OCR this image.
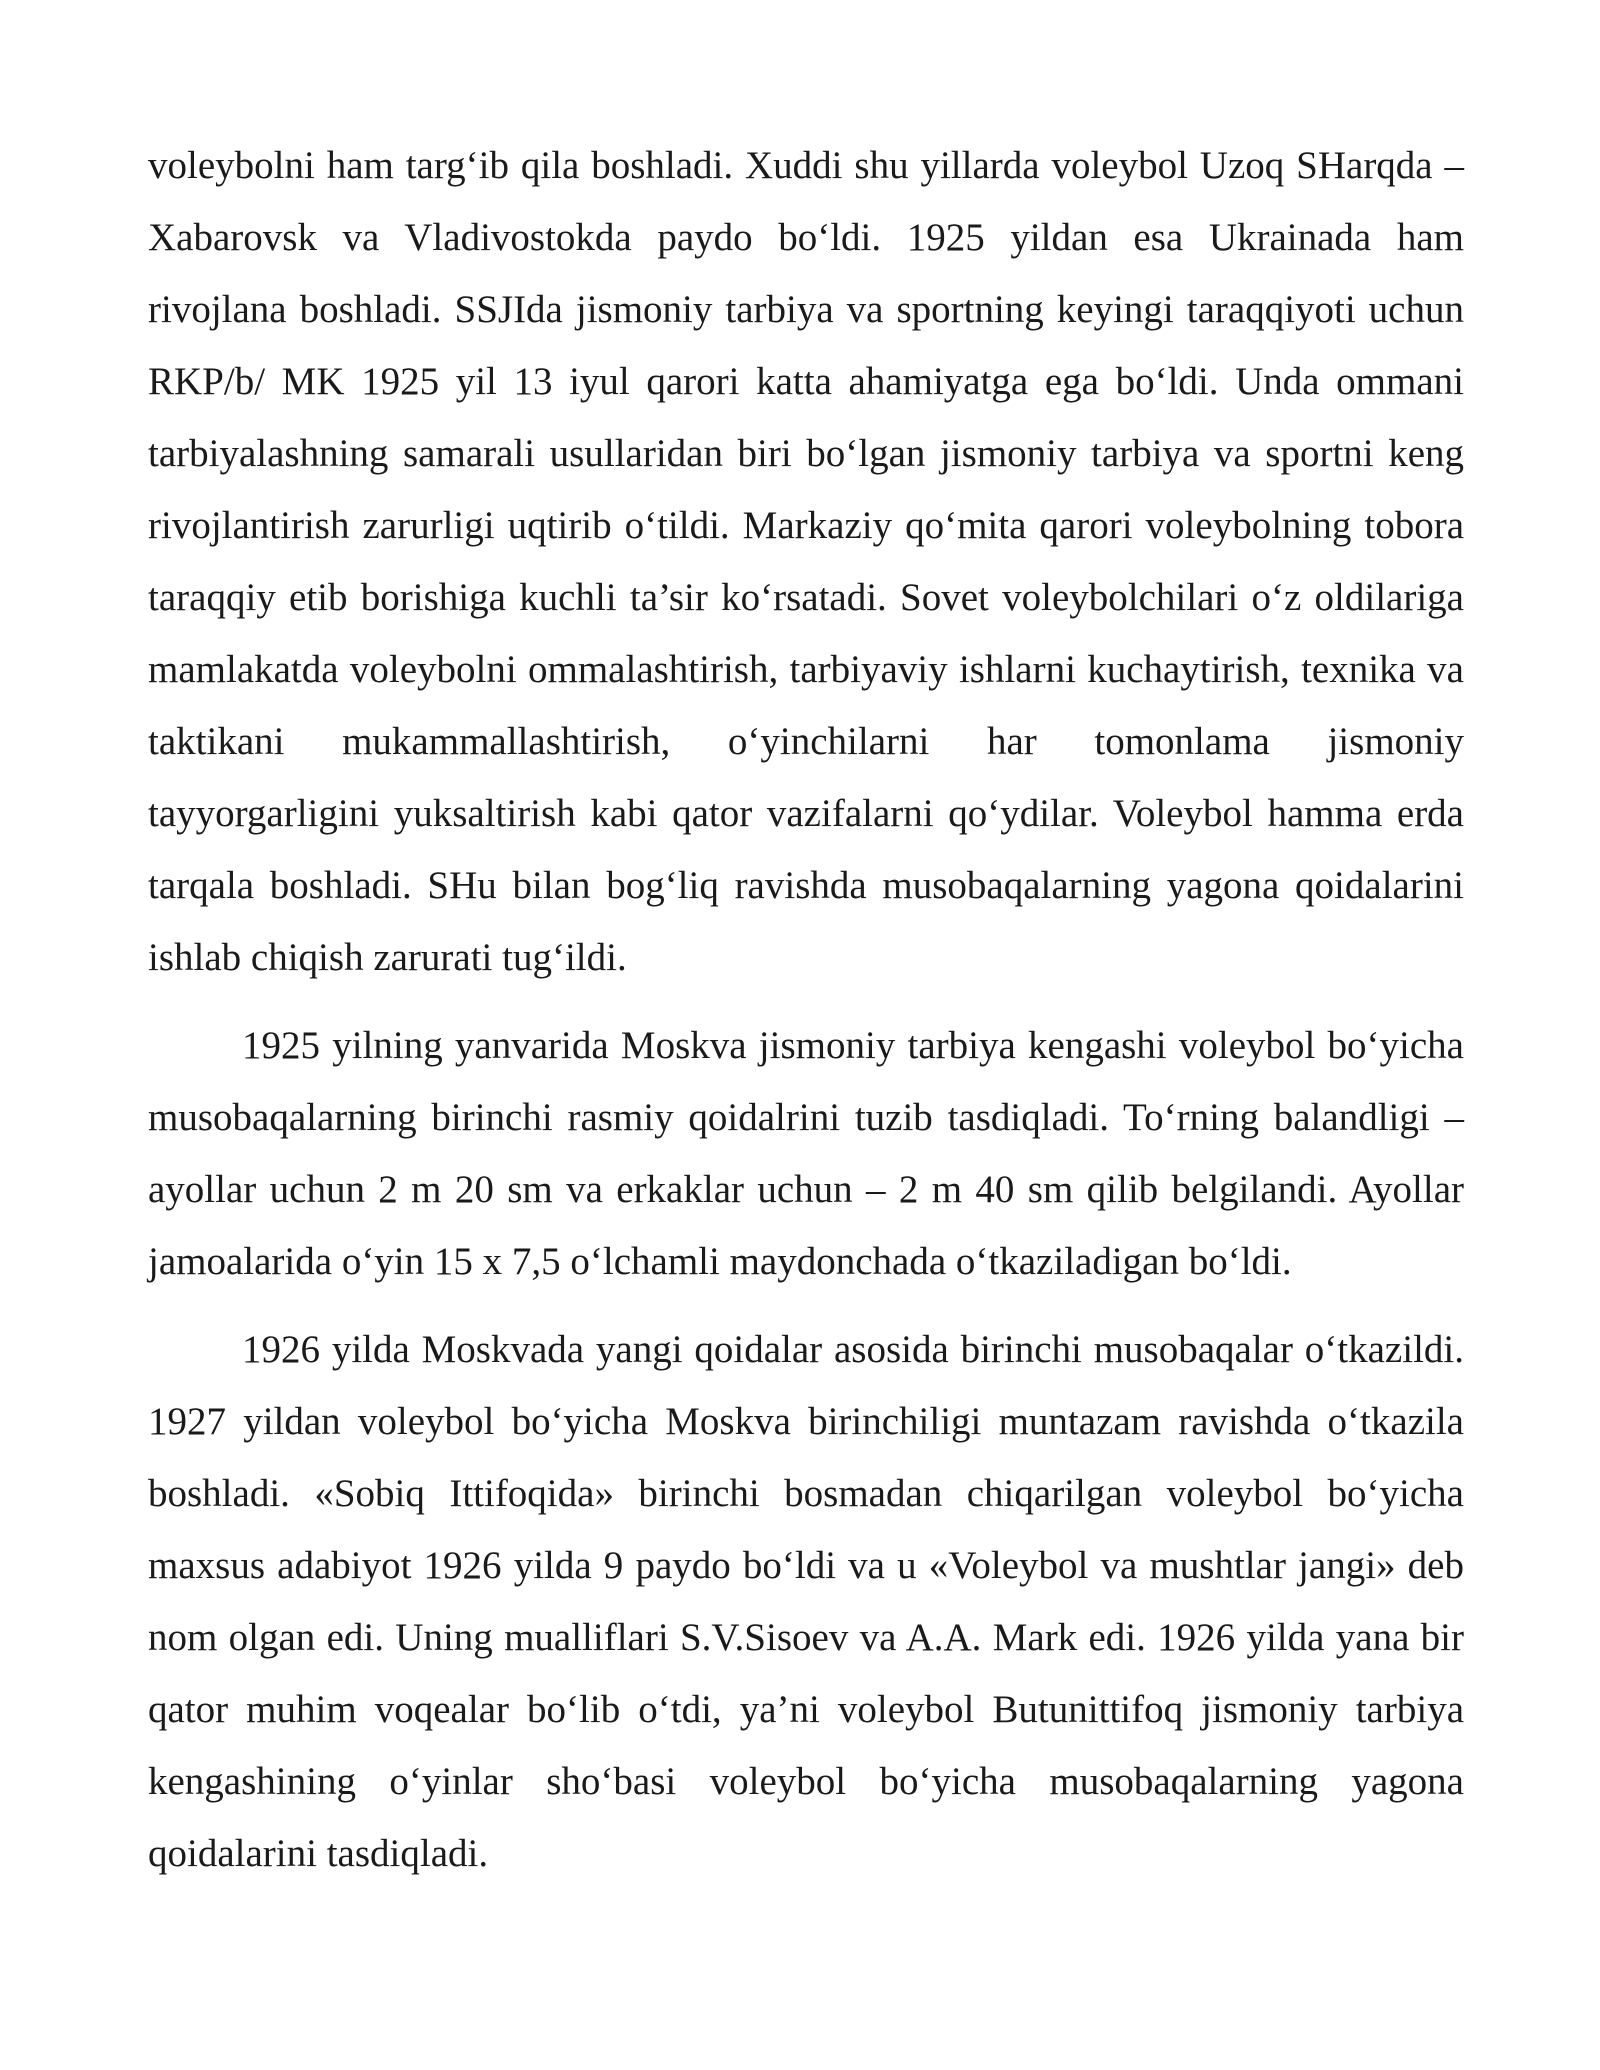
voleybolni ham targ‘ib qila boshladi. Xuddi shu yillarda voleybol Uzoq SHarqda – Xabarovsk va Vladivostokda paydo bo‘ldi. 1925 yildan esa Ukrainada ham rivojlana boshladi. SSJIda jismoniy tarbiya va sportning keyingi taraqqiyoti uchun RKP/b/ MK 1925 yil 13 iyul qarori katta ahamiyatga ega bo‘ldi. Unda ommani tarbiyalashning samarali usullaridan biri bo‘lgan jismoniy tarbiya va sportni keng rivojlantirish zarurligi uqtirib o‘tildi. Markaziy qo‘mita qarori voleybolning tobora taraqqiy etib borishiga kuchli ta’sir ko‘rsatadi. Sovet voleybolchilari o‘z oldilariga mamlakatda voleybolni ommalashtirish, tarbiyaviy ishlarni kuchaytirish, texnika va taktikani mukammallashtirish, o‘yinchilarni har tomonlama jismoniy tayyorgarligini yuksaltirish kabi qator vazifalarni qo‘ydilar. Voleybol hamma erda tarqala boshladi. SHu bilan bog‘liq ravishda musobaqalarning yagona qoidalarini ishlab chiqish zarurati tug‘ildi.

1925 yilning yanvarida Moskva jismoniy tarbiya kengashi voleybol bo‘yicha musobaqalarning birinchi rasmiy qoidalrini tuzib tasdiqladi. To‘rning balandligi – ayollar uchun 2 m 20 sm va erkaklar uchun – 2 m 40 sm qilib belgilandi. Ayollar jamoalarida o‘yin 15 x 7,5 o‘lchamli maydonchada o‘tkaziladigan bo‘ldi.

1926 yilda Moskvada yangi qoidalar asosida birinchi musobaqalar o‘tkazildi. 1927 yildan voleybol bo‘yicha Moskva birinchiligi muntazam ravishda o‘tkazila boshladi. «Sobiq Ittifoqida» birinchi bosmadan chiqarilgan voleybol bo‘yicha maxsus adabiyot 1926 yilda 9 paydo bo‘ldi va u «Voleybol va mushtlar jangi» deb nom olgan edi. Uning mualliflari S.V.Sisoev va A.A. Mark edi. 1926 yilda yana bir qator muhim voqealar bo‘lib o‘tdi, ya’ni voleybol Butunittifoq jismoniy tarbiya kengashining o‘yinlar sho‘basi voleybol bo‘yicha musobaqalarning yagona qoidalarini tasdiqladi.
